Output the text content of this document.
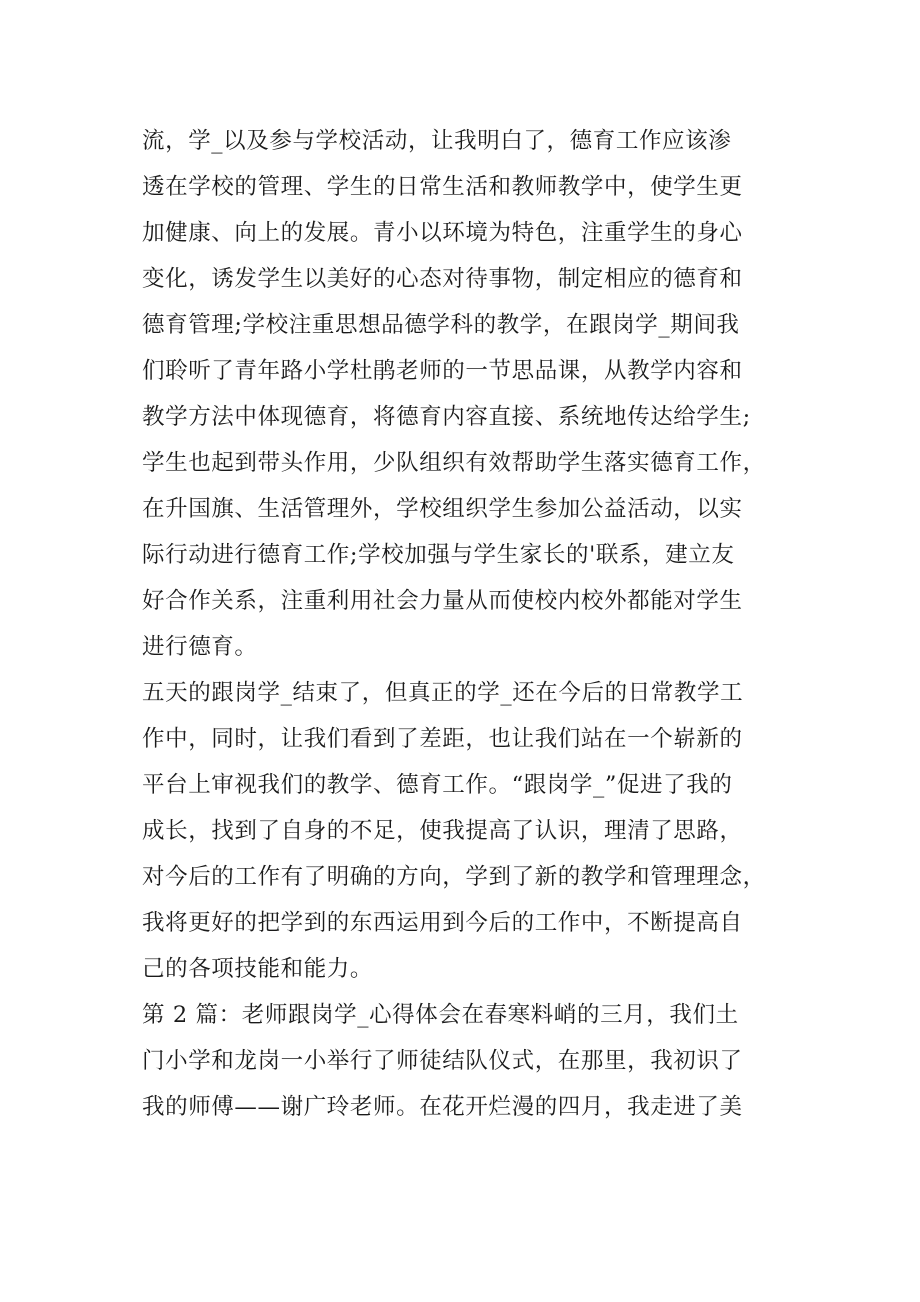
流，学_以及参与学校活动，让我明白了，德育工作应该渗
透在学校的管理、学生的日常生活和教师教学中，使学生更
加健康、向上的发展。青小以环境为特色，注重学生的身心
变化，诱发学生以美好的心态对待事物，制定相应的德育和
德育管理;学校注重思想品德学科的教学，在跟岗学_期间我
们聆听了青年路小学杜鹃老师的一节思品课，从教学内容和
教学方法中体现德育，将德育内容直接、系统地传达给学生;
学生也起到带头作用，少队组织有效帮助学生落实德育工作，
在升国旗、生活管理外，学校组织学生参加公益活动，以实
际行动进行德育工作;学校加强与学生家长的'联系，建立友
好合作关系，注重利用社会力量从而使校内校外都能对学生
进行德育。
五天的跟岗学_结束了，但真正的学_还在今后的日常教学工
作中，同时，让我们看到了差距，也让我们站在一个崭新的
平台上审视我们的教学、德育工作。“跟岗学_”促进了我的
成长，找到了自身的不足，使我提高了认识，理清了思路，
对今后的工作有了明确的方向，学到了新的教学和管理理念，
我将更好的把学到的东西运用到今后的工作中，不断提高自
己的各项技能和能力。
第 2 篇：老师跟岗学_心得体会在春寒料峭的三月，我们土
门小学和龙岗一小举行了师徒结队仪式，在那里，我初识了
我的师傅——谢广玲老师。在花开烂漫的四月，我走进了美
